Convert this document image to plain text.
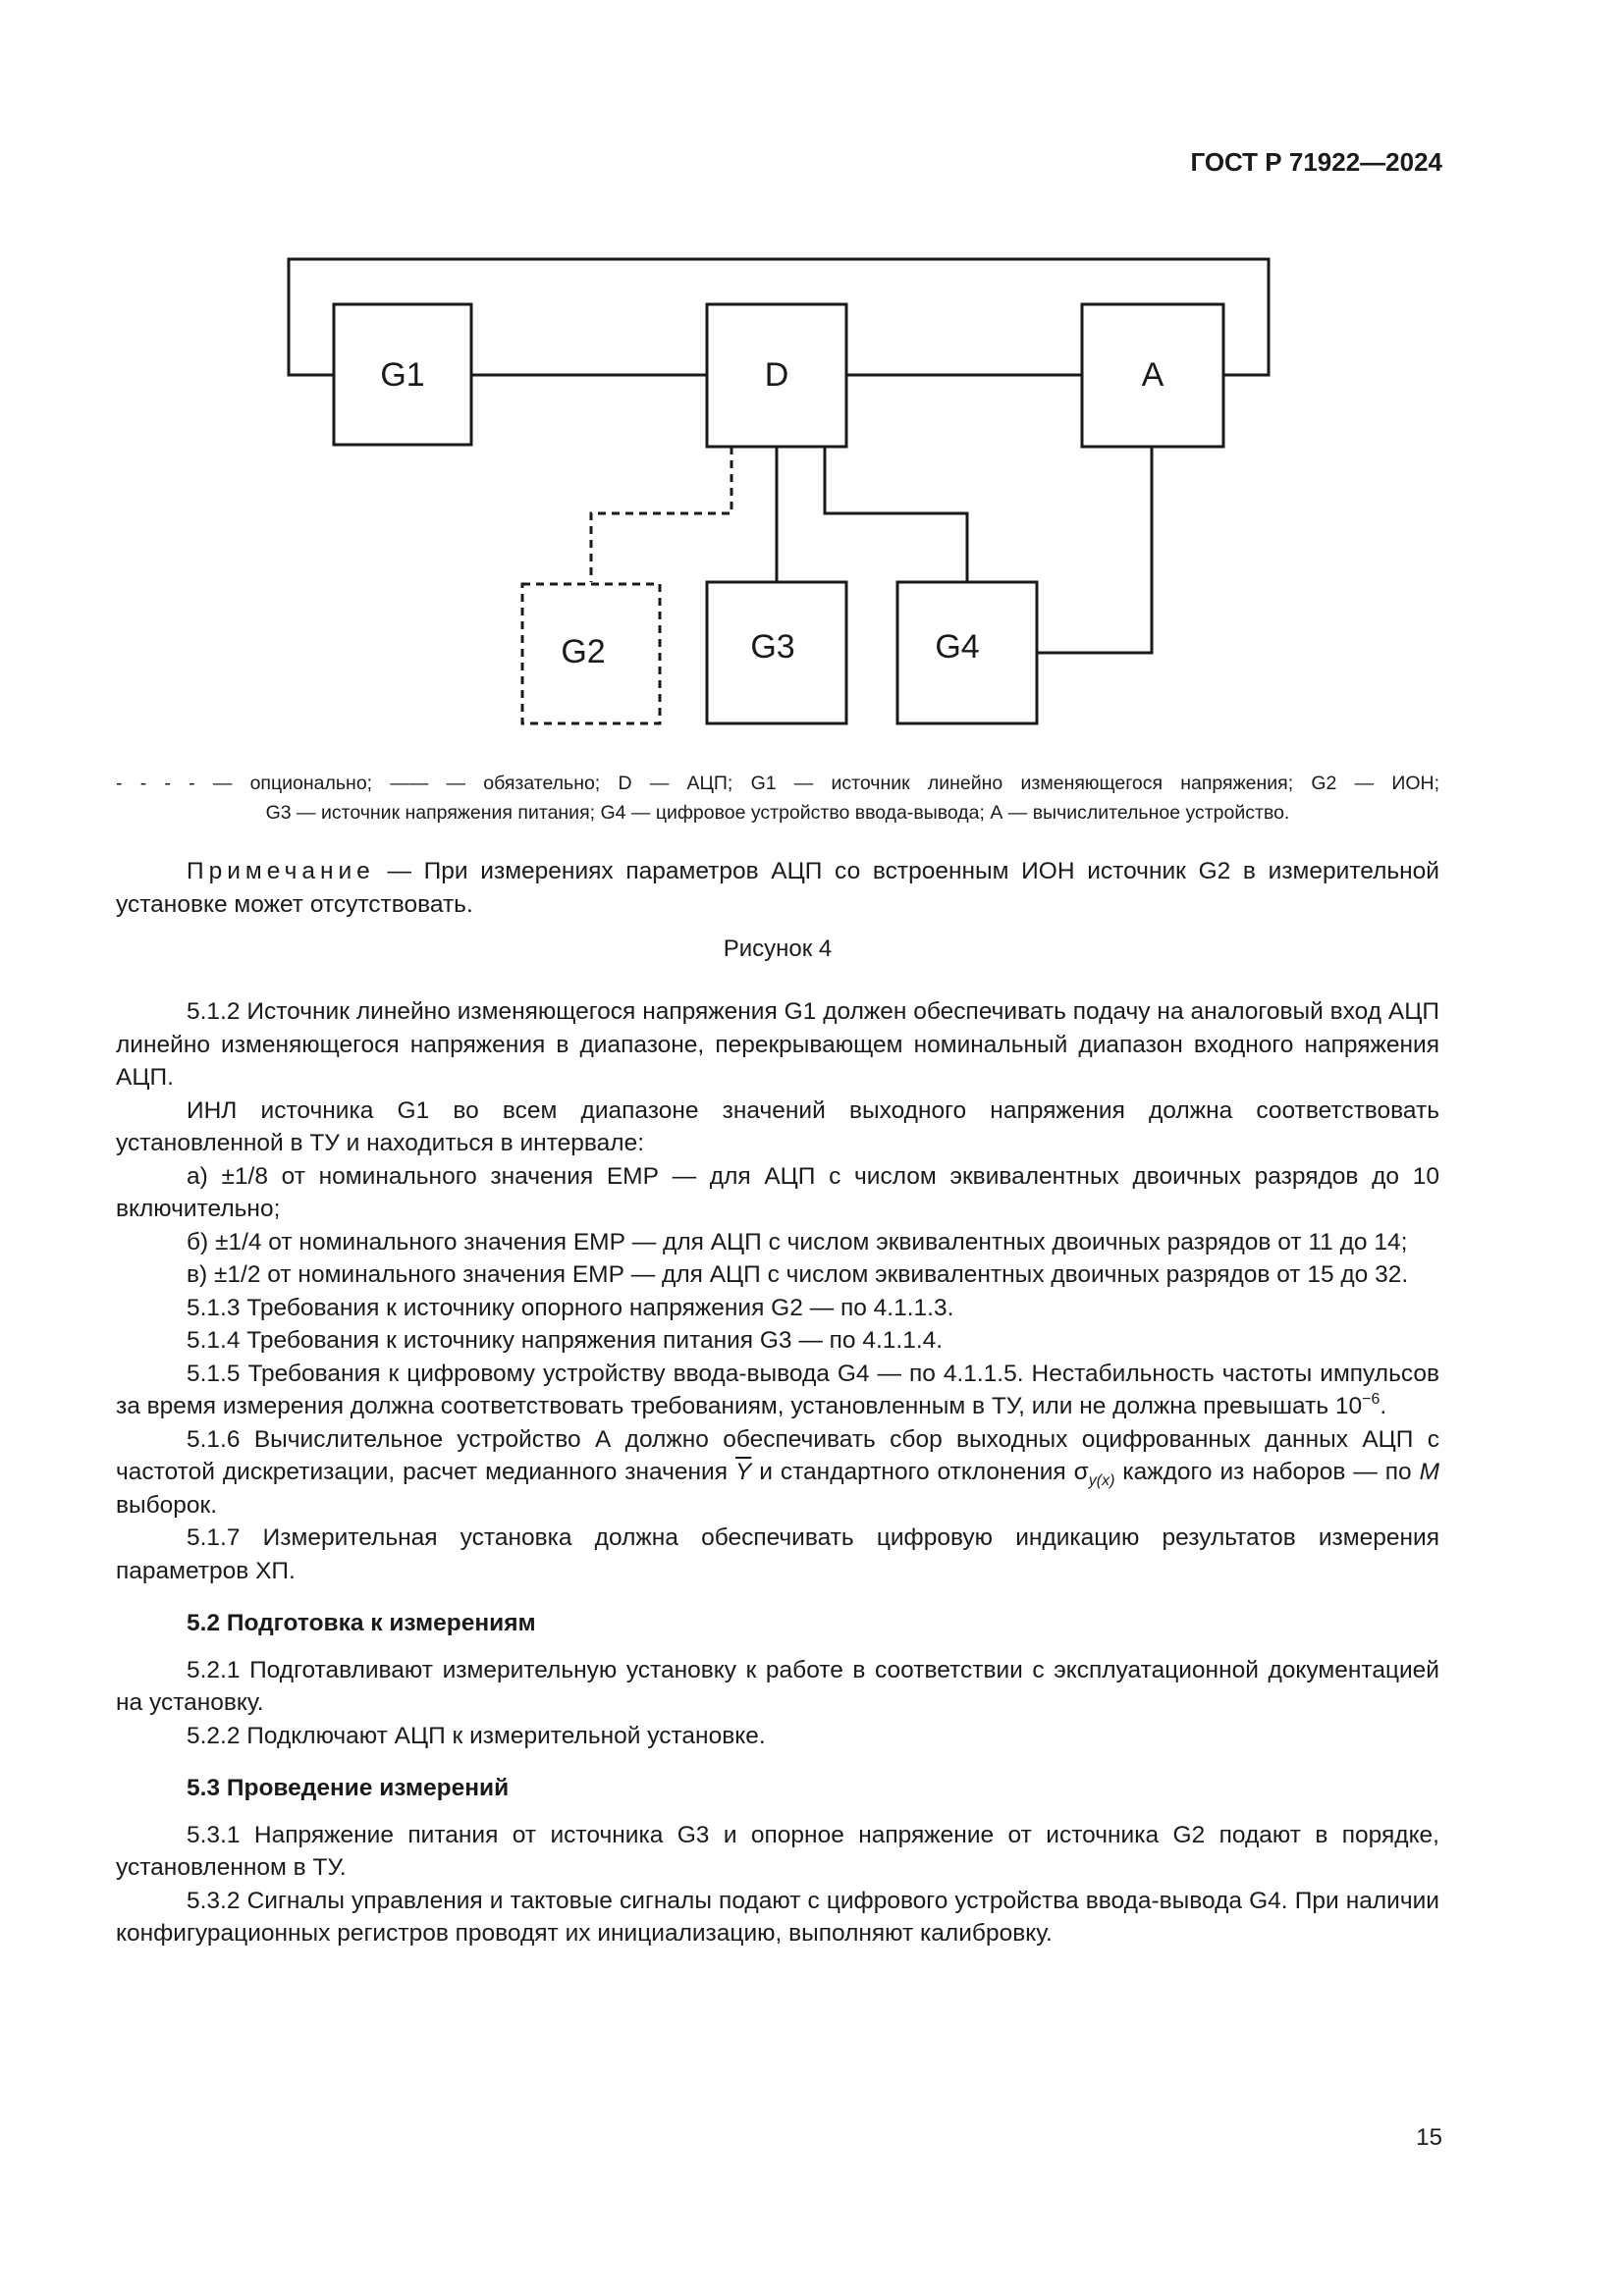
ГОСТ Р 71922—2024
G1	D	A
G2	G3	G4
- - - - — опционально; —— — обязательно; D — АЦП; G1 — источник линейно изменяющегося напряжения; G2 — ИОН;
G3 — источник напряжения питания; G4 — цифровое устройство ввода-вывода; А — вычислительное устройство.

Примечание — При измерениях параметров АЦП со встроенным ИОН источник G2 в измерительной установке может отсутствовать.

Рисунок 4

5.1.2 Источник линейно изменяющегося напряжения G1 должен обеспечивать подачу на аналоговый вход АЦП линейно изменяющегося напряжения в диапазоне, перекрывающем номинальный диапазон входного напряжения АЦП.

ИНЛ источника G1 во всем диапазоне значений выходного напряжения должна соответствовать установленной в ТУ и находиться в интервале:

а) ±1/8 от номинального значения ЕМР — для АЦП с числом эквивалентных двоичных разрядов до 10 включительно;

б) ±1/4 от номинального значения ЕМР — для АЦП с числом эквивалентных двоичных разрядов от 11 до 14;

в) ±1/2 от номинального значения ЕМР — для АЦП с числом эквивалентных двоичных разрядов от 15 до 32.

5.1.3 Требования к источнику опорного напряжения G2 — по 4.1.1.3.

5.1.4 Требования к источнику напряжения питания G3 — по 4.1.1.4.

5.1.5 Требования к цифровому устройству ввода-вывода G4 — по 4.1.1.5. Нестабильность частоты импульсов за время измерения должна соответствовать требованиям, установленным в ТУ, или не должна превышать $10^{-6}$.

5.1.6 Вычислительное устройство А должно обеспечивать сбор выходных оцифрованных данных АЦП с частотой дискретизации, расчет медианного значения $\overline{Y}$ и стандартного отклонения $\sigma_{y(x)}$ каждого из наборов — по M выборок.

5.1.7 Измерительная установка должна обеспечивать цифровую индикацию результатов измерения параметров ХП.

5.2 Подготовка к измерениям

5.2.1 Подготавливают измерительную установку к работе в соответствии с эксплуатационной документацией на установку.

5.2.2 Подключают АЦП к измерительной установке.

5.3 Проведение измерений

5.3.1 Напряжение питания от источника G3 и опорное напряжение от источника G2 подают в порядке, установленном в ТУ.

5.3.2 Сигналы управления и тактовые сигналы подают с цифрового устройства ввода-вывода G4. При наличии конфигурационных регистров проводят их инициализацию, выполняют калибровку.

15
